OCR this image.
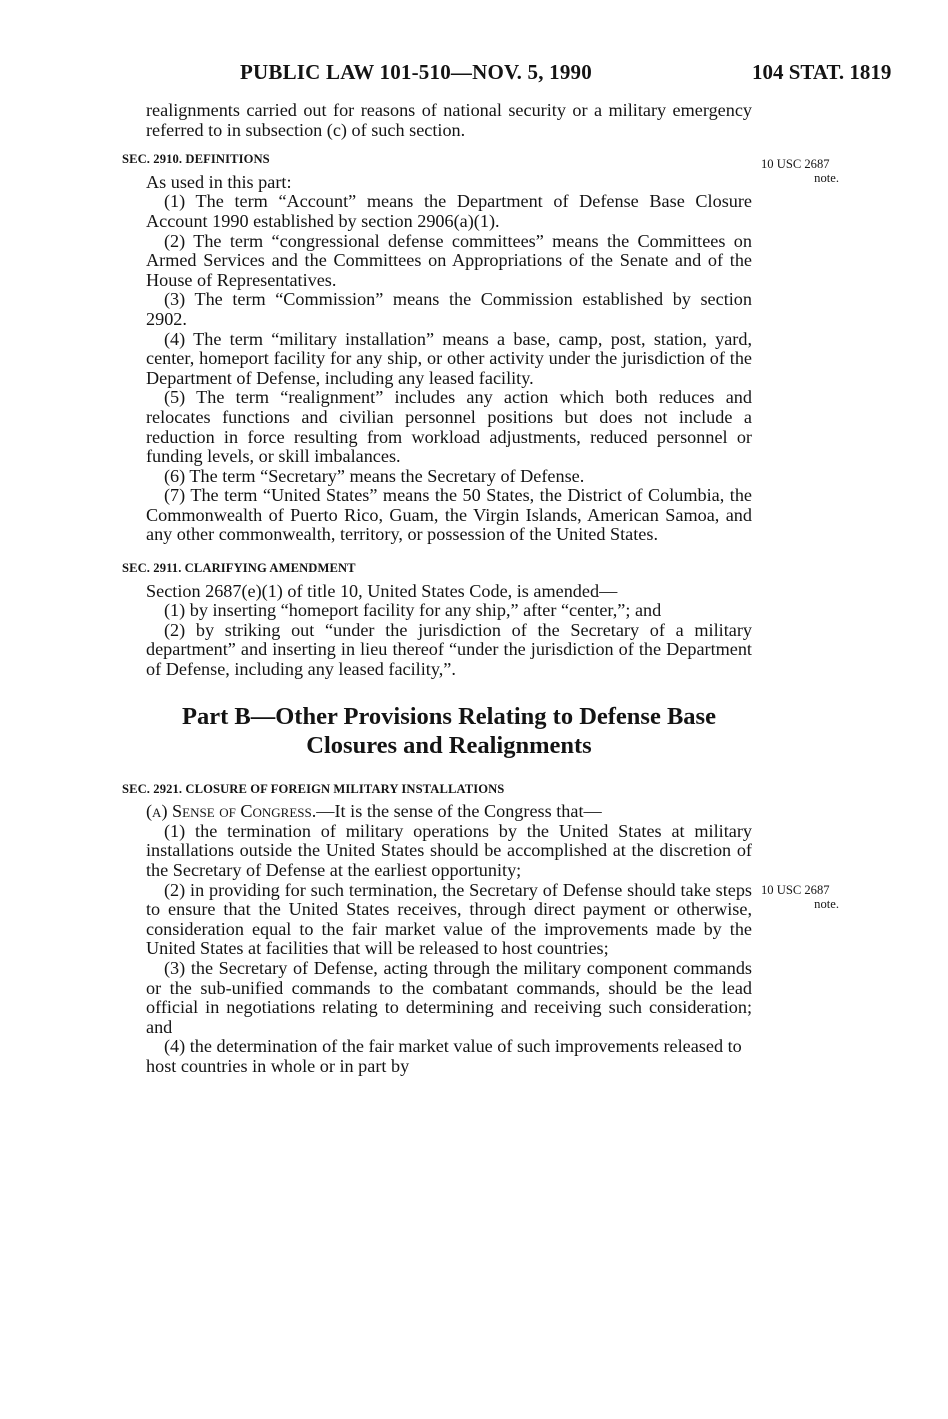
PUBLIC LAW 101-510—NOV. 5, 1990	104 STAT. 1819
10 USC 2687
note.
10 USC 2687
note.

realignments carried out for reasons of national security or a military emergency referred to in subsection (c) of such section.

SEC. 2910. DEFINITIONS

As used in this part:

(1) The term “Account” means the Department of Defense Base Closure Account 1990 established by section 2906(a)(1).

(2) The term “congressional defense committees” means the Committees on Armed Services and the Committees on Appropriations of the Senate and of the House of Representatives.

(3) The term “Commission” means the Commission established by section 2902.

(4) The term “military installation” means a base, camp, post, station, yard, center, homeport facility for any ship, or other activity under the jurisdiction of the Department of Defense, including any leased facility.

(5) The term “realignment” includes any action which both reduces and relocates functions and civilian personnel positions but does not include a reduction in force resulting from workload adjustments, reduced personnel or funding levels, or skill imbalances.

(6) The term “Secretary” means the Secretary of Defense.

(7) The term “United States” means the 50 States, the District of Columbia, the Commonwealth of Puerto Rico, Guam, the Virgin Islands, American Samoa, and any other commonwealth, territory, or possession of the United States.

SEC. 2911. CLARIFYING AMENDMENT

Section 2687(e)(1) of title 10, United States Code, is amended—

(1) by inserting “homeport facility for any ship,” after “center,”; and

(2) by striking out “under the jurisdiction of the Secretary of a military department” and inserting in lieu thereof “under the jurisdiction of the Department of Defense, including any leased facility,”.

Part B—Other Provisions Relating to Defense Base
Closures and Realignments
SEC. 2921. CLOSURE OF FOREIGN MILITARY INSTALLATIONS

(a) Sense of Congress.—It is the sense of the Congress that—

(1) the termination of military operations by the United States at military installations outside the United States should be accomplished at the discretion of the Secretary of Defense at the earliest opportunity;

(2) in providing for such termination, the Secretary of Defense should take steps to ensure that the United States receives, through direct payment or otherwise, consideration equal to the fair market value of the improvements made by the United States at facilities that will be released to host countries;

(3) the Secretary of Defense, acting through the military component commands or the sub-unified commands to the combatant commands, should be the lead official in negotiations relating to determining and receiving such consideration; and

(4) the determination of the fair market value of such improvements released to host countries in whole or in part by
